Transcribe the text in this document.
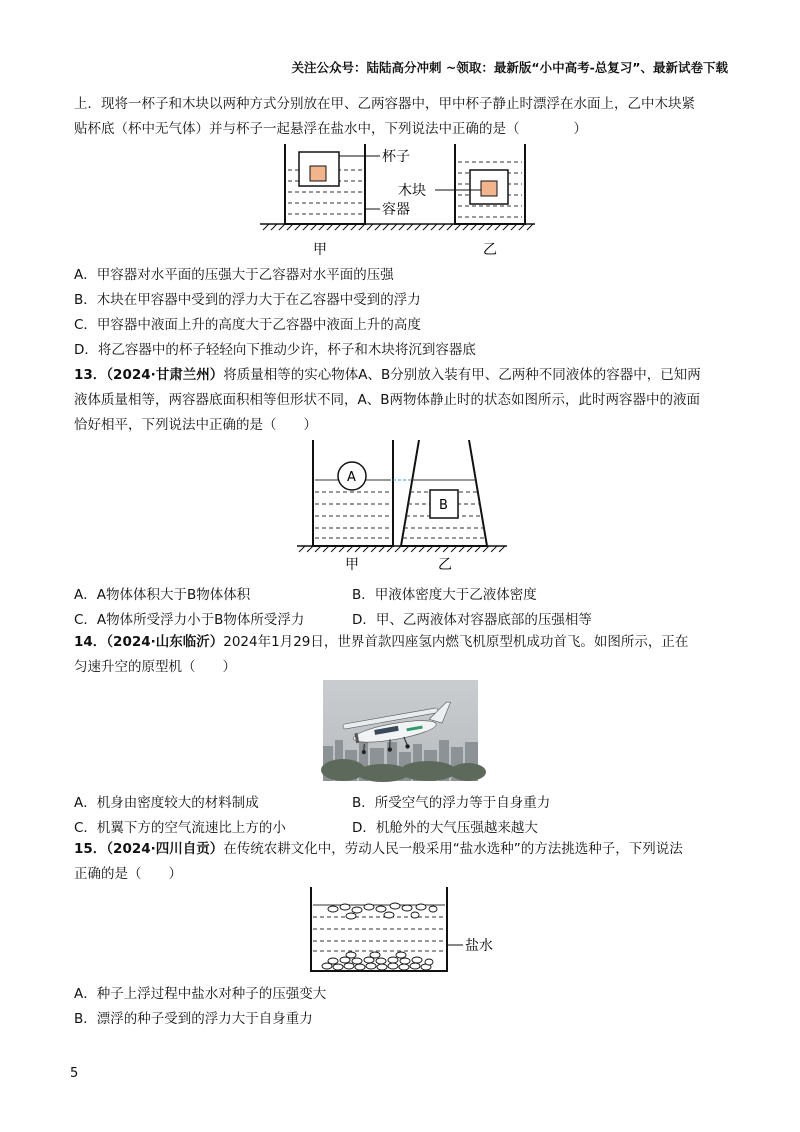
关注公众号：陆陆高分冲刺 ~领取：最新版“小中高考-总复习”、最新试卷下载
上．现将一杯子和木块以两种方式分别放在甲、乙两容器中，甲中杯子静止时漂浮在水面上，乙中木块紧
贴杯底（杯中无气体）并与杯子一起悬浮在盐水中，下列说法中正确的是（　　　　）
杯子
容器
甲
木块
乙
A．甲容器对水平面的压强大于乙容器对水平面的压强
B．木块在甲容器中受到的浮力大于在乙容器中受到的浮力
C．甲容器中液面上升的高度大于乙容器中液面上升的高度
D．将乙容器中的杯子轻轻向下推动少许，杯子和木块将沉到容器底
13．（2024·甘肃兰州）将质量相等的实心物体A、B分别放入装有甲、乙两种不同液体的容器中，已知两
液体质量相等，两容器底面积相等但形状不同，A、B两物体静止时的状态如图所示，此时两容器中的液面
恰好相平，下列说法中正确的是（　　）
A
B
甲	乙
A．A物体体积大于B物体体积	B．甲液体密度大于乙液体密度
C．A物体所受浮力小于B物体所受浮力	D．甲、乙两液体对容器底部的压强相等
14．（2024·山东临沂）2024年1月29日，世界首款四座氢内燃飞机原型机成功首飞。如图所示，正在
匀速升空的原型机（　　）
A．机身由密度较大的材料制成	B．所受空气的浮力等于自身重力
C．机翼下方的空气流速比上方的小	D．机舱外的大气压强越来越大
15．（2024·四川自贡）在传统农耕文化中，劳动人民一般采用“盐水选种”的方法挑选种子，下列说法
正确的是（　　）
盐水
A．种子上浮过程中盐水对种子的压强变大
B．漂浮的种子受到的浮力大于自身重力
5
